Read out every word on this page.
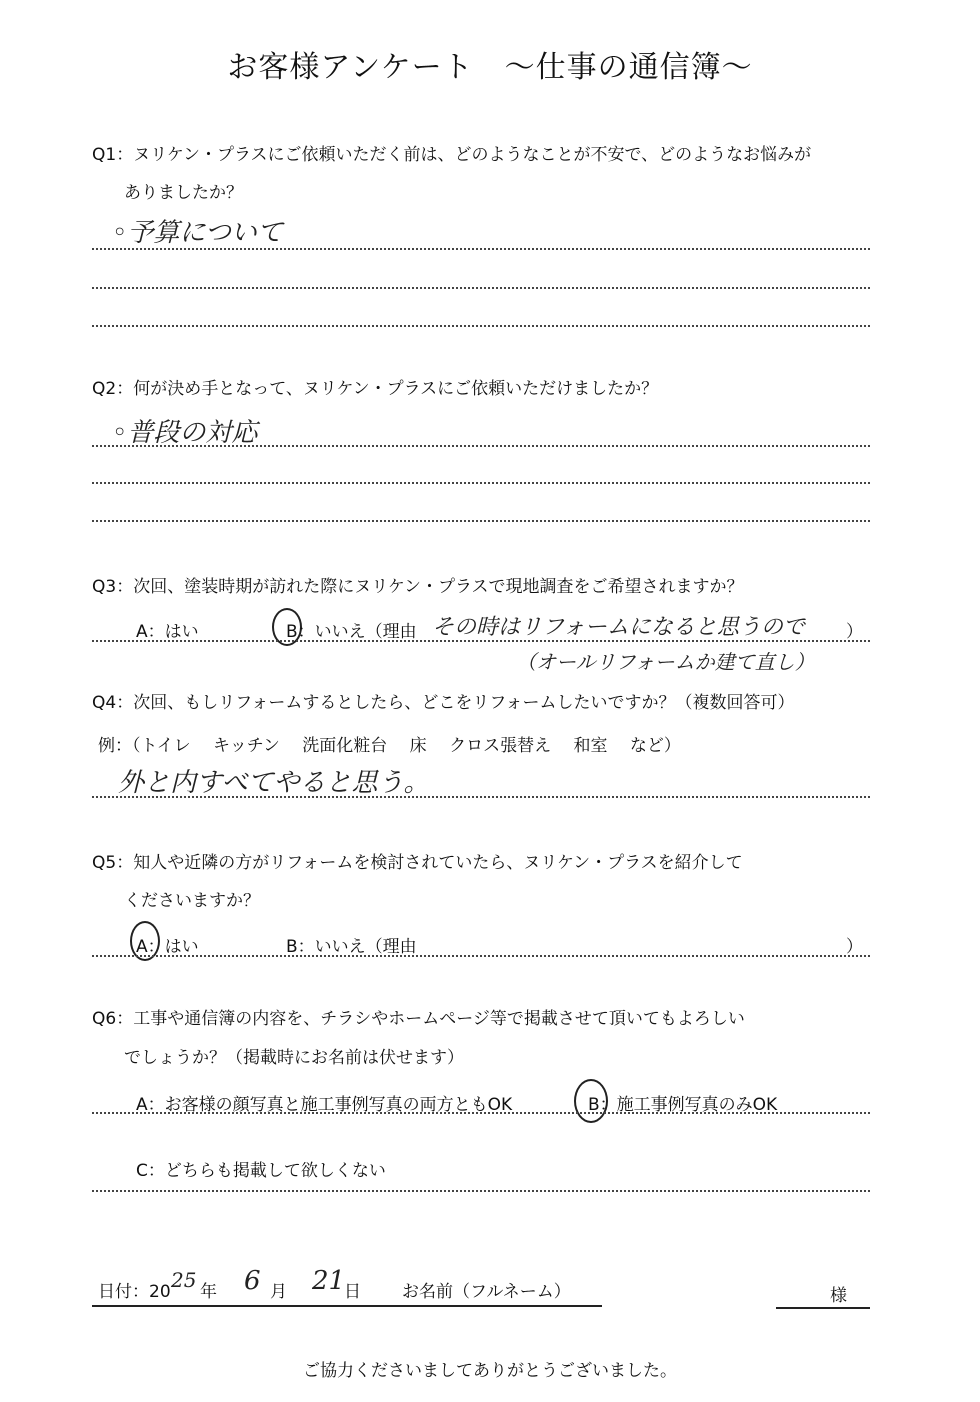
お客様アンケート　〜仕事の通信簿〜
Q1：ヌリケン・プラスにご依頼いただく前は、どのようなことが不安で、どのようなお悩みが
ありましたか？
◦予算について
Q2：何が決め手となって、ヌリケン・プラスにご依頼いただけましたか？
◦普段の対応
Q3：次回、塗装時期が訪れた際にヌリケン・プラスで現地調査をご希望されますか？
A：はい	B：いいえ（理由 その時はリフォームになると思うので ）
（オールリフォームか建て直し）
Q4：次回、もしリフォームするとしたら、どこをリフォームしたいですか？（複数回答可）
例：（トイレ　 キッチン　 洗面化粧台　 床　 クロス張替え　 和室　 など）
外と内すべてやると思う。
Q5：知人や近隣の方がリフォームを検討されていたら、ヌリケン・プラスを紹介して
くださいますか？
A：はい	B：いいえ（理由	）
Q6：工事や通信簿の内容を、チラシやホームページ等で掲載させて頂いてもよろしい
でしょうか？（掲載時にお名前は伏せます）
A：お客様の顔写真と施工事例写真の両方ともOK	B：施工事例写真のみOK
C：どちらも掲載して欲しくない
日付：20 25 年 6 月 21
日 お名前（フルネーム）	様
ご協力くださいましてありがとうございました。
